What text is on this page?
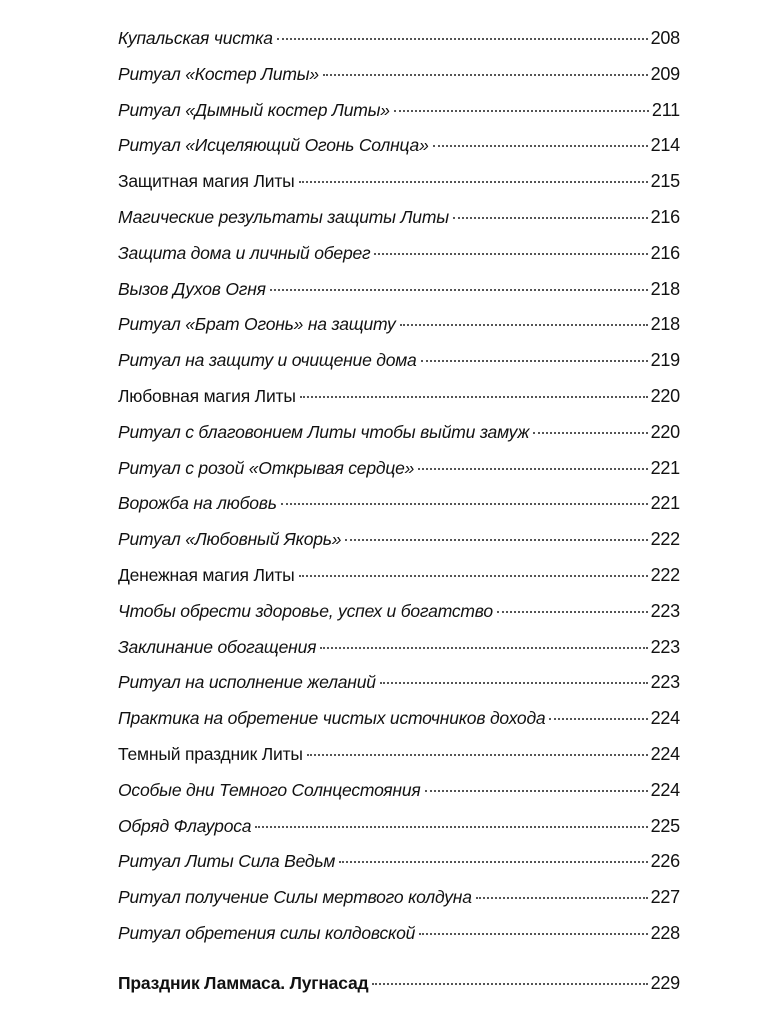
Купальская чистка	208
Ритуал «Костер Литы»	209
Ритуал «Дымный костер Литы»	211
Ритуал «Исцеляющий Огонь Солнца»	214
Защитная магия Литы	215
Магические результаты защиты Литы	216
Защита дома и личный оберег	216
Вызов Духов Огня	218
Ритуал «Брат Огонь» на защиту	218
Ритуал на защиту и очищение дома	219
Любовная магия Литы	220
Ритуал с благовонием Литы чтобы выйти замуж	220
Ритуал с розой «Открывая сердце»	221
Ворожба на любовь	221
Ритуал «Любовный Якорь»	222
Денежная магия Литы	222
Чтобы обрести здоровье, успех и богатство	223
Заклинание обогащения	223
Ритуал на исполнение желаний	223
Практика на обретение чистых источников дохода	224
Темный праздник Литы	224
Особые дни Темного Солнцестояния	224
Обряд Флауроса	225
Ритуал Литы Сила Ведьм	226
Ритуал получение Силы мертвого колдуна	227
Ритуал обретения силы колдовской	228
Праздник Ламмаса. Лугнасад	229
